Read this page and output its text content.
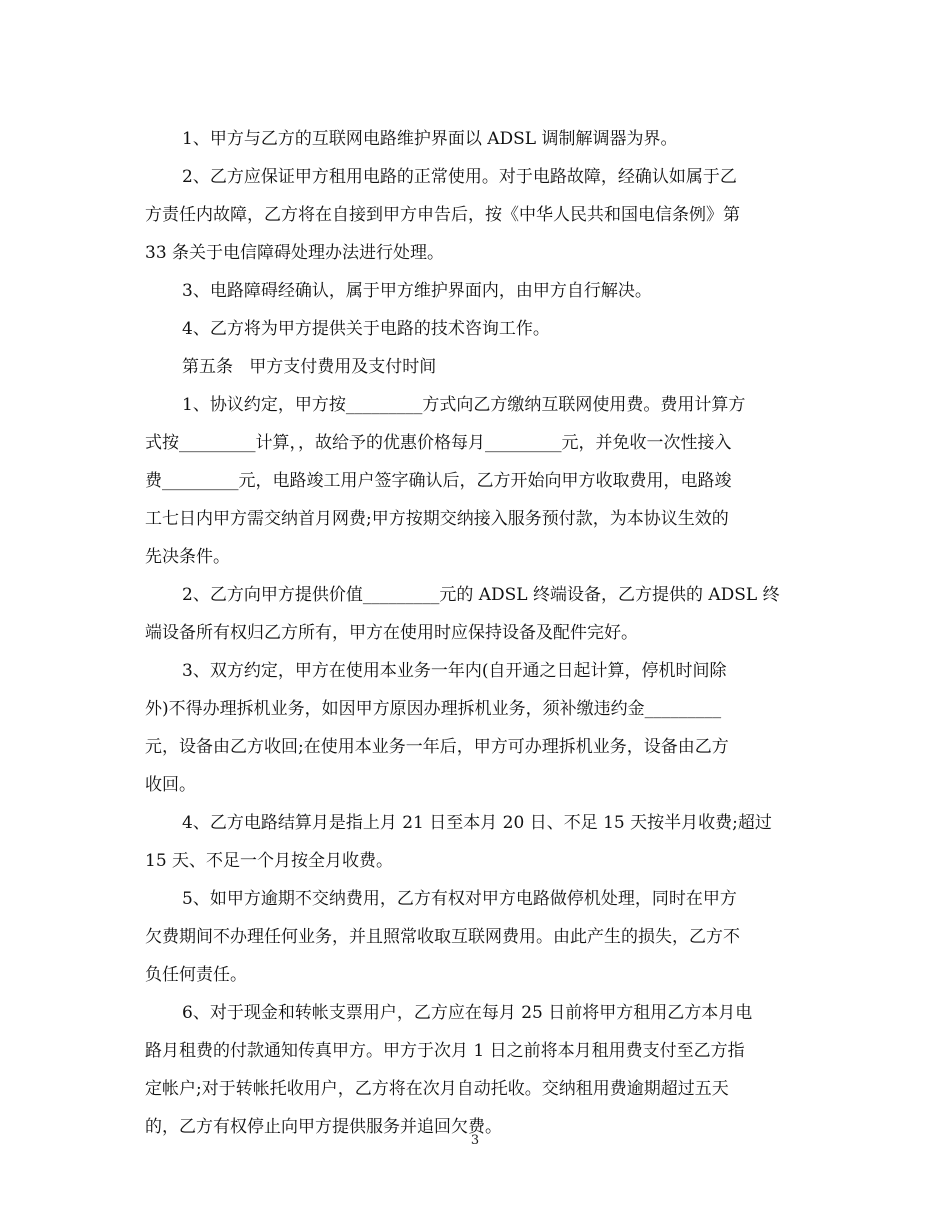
1、甲方与乙方的互联网电路维护界面以 ADSL 调制解调器为界。
2、乙方应保证甲方租用电路的正常使用。对于电路故障，经确认如属于乙
方责任内故障，乙方将在自接到甲方申告后，按《中华人民共和国电信条例》第
33 条关于电信障碍处理办法进行处理。
3、电路障碍经确认，属于甲方维护界面内，由甲方自行解决。
4、乙方将为甲方提供关于电路的技术咨询工作。
第五条   甲方支付费用及支付时间
1、协议约定，甲方按_________方式向乙方缴纳互联网使用费。费用计算方
式按_________计算，，故给予的优惠价格每月_________元，并免收一次性接入
费_________元，电路竣工用户签字确认后，乙方开始向甲方收取费用，电路竣
工七日内甲方需交纳首月网费;甲方按期交纳接入服务预付款，为本协议生效的
先决条件。
2、乙方向甲方提供价值_________元的 ADSL 终端设备，乙方提供的 ADSL 终
端设备所有权归乙方所有，甲方在使用时应保持设备及配件完好。
3、双方约定，甲方在使用本业务一年内(自开通之日起计算，停机时间除
外)不得办理拆机业务，如因甲方原因办理拆机业务，须补缴违约金_________
元，设备由乙方收回;在使用本业务一年后，甲方可办理拆机业务，设备由乙方
收回。
4、乙方电路结算月是指上月 21 日至本月 20 日、不足 15 天按半月收费;超过
15 天、不足一个月按全月收费。
5、如甲方逾期不交纳费用，乙方有权对甲方电路做停机处理，同时在甲方
欠费期间不办理任何业务，并且照常收取互联网费用。由此产生的损失，乙方不
负任何责任。
6、对于现金和转帐支票用户，乙方应在每月 25 日前将甲方租用乙方本月电
路月租费的付款通知传真甲方。甲方于次月 1 日之前将本月租用费支付至乙方指
定帐户;对于转帐托收用户，乙方将在次月自动托收。交纳租用费逾期超过五天
的，乙方有权停止向甲方提供服务并追回欠费。
3
